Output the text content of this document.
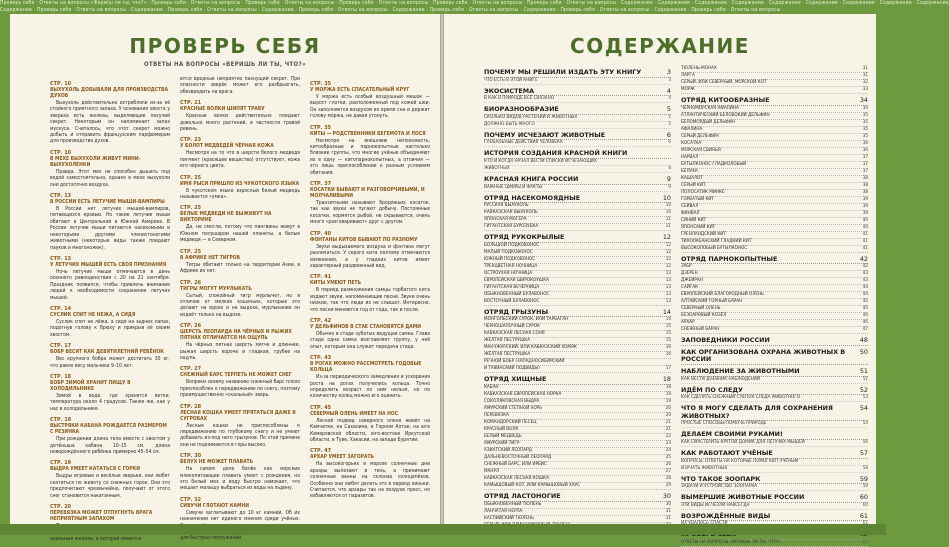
Проверь себя · Ответы на вопросы «Ферміш ли ты, что?» · Проверь себя · Ответы на вопросы · Проверь себя · Ответы на вопросы · Проверь себя · Ответы на вопросы · Проверь себя · Ответы на вопросы · Проверь себя · Ответы на вопросы · Содержание · Содержание · Содержание · Содержание · Содержание · Содержание · Содержание · Содержание · Содержание
Содержание · Проверь себя · Ответы на вопросы · Содержание · Проверь себя · Ответы на вопросы · Содержание · Проверь себя · Ответы на вопросы · Содержание · Проверь себя · Ответы на вопросы · Содержание · Проверь себя · Ответы на вопросы · Содержание · Проверь себя · Ответы на вопросы
ПРОВЕРЬ СЕБЯ
ОТВЕТЫ НА ВОПРОСЫ «ВЕРИШЬ ЛИ ТЫ, ЧТО?»
СТР. 10
ВЫХУХОЛЬ ДОБЫВАЛИ ДЛЯ ПРОИЗВОДСТВА ДУХОВ

Выхухоль действительно истребляли из-за её стойкого приятного запаха. У основания хвоста у зверька есть железы, выделяющие пахучий секрет. Некоторым он напоминает запах мускуса. Считалось, что этот секрет можно добыть и отправить французским парфюмерам для производства духов.

СТР. 10
В МЕХЕ ВЫХУХОЛИ ЖИВУТ МИНИ-ВЫХУХОЛЕНКИ

Правда. Этот мех не способен дышать под водой самостоятельно, однако в мехе выхухоли они достаточно воздуха.

СТР. 13
В РОССИИ ЕСТЬ ЛЕТУЧИЕ МЫШИ-ВАМПИРЫ

В России нет летучих мышей-вампиров, питающихся кровью. Но такие летучие мыши обитают в Центральной и Южной Америке. В России летучие мыши питаются насекомыми и некоторыми другими членистоногими животными (некоторые виды также поедают пауков и многоножек).

СТР. 13
У ЛЕТУЧИХ МЫШЕЙ ЕСТЬ СВОЯ ПРИЗНАНИЯ

Ночь летучие мыши отмечаются в день осеннего равноденствия с 20 на 21 сентября. Праздник появился, чтобы привлечь внимание людей к необходимости сохранения летучих мышей.

СТР. 14
СУСЛИК СПИТ НЕ НЕЖА, А СИДЯ

Суслик спит не лёжа, а сидя на задних лапах, подогнув голову к брюху и прикрыв её своим хвостом.

СТР. 17
БОБР ВЕСИТ КАК ДЕВЯТИЛЕТНИЙ РЕБЁНОК

Вес крупного бобра может достигать 30 кг, что равно весу мальчика 9–10 лет.

СТР. 18
БОБР ЗИМОЙ ХРАНИТ ПИЩУ В ХОЛОДИЛЬНИКЕ

Зимой в воде, где хранятся ветки, температура около 4 градусов. Также же, как у нас в холодильнике.

СТР. 18
ВЫСТРЯКИ КАБАНА РОЖДАЕТСЯ РАЗМЕРОМ С РЕЗИНКА

При рождении длина тела вместе с хвостом у детёныша кабана 10–15 см, длина новорождённого ребёнка примерно 45–54 см.

СТР. 19
ВЫДРА УМЕЕТ КАТАТЬСЯ С ГОРКИ

Выдры игривые и весёлые зверьки, они любят скатиться по животу со снежных горок. Они это предпочитают чрезвычайно, получают от этого снег становится накатанным.

СТР. 20
ПЕРЕВЯЗКА МОЖЕТ ОТПУГНУТЬ ВРАГА НЕПРИЯТНЫМ ЗАПАХОМ

анальные железы, в которой имеются

ются вредные неприятно пахнущий секрет. При опасности зверёк может его разбрызгать, обезвредить на врага.

СТР. 21
КРАСНЫЕ ВОЛКИ ШИПЯТ ТРАВУ

Красные волки действительно поедают довольно много растений, в частности травой ревень.

СТР. 23
У БОЛОТ МЕДВЕДЕЙ ЧЁРНАЯ КОЖА

Несмотря на то что в шерсти белого медведя пигмент (красящее вещество) отсутствует, кожа его чёрного цвета.

СТР. 25
ИМЯ РЫСИ ПРИШЛО ИЗ ЧУКОТСКОГО ЯЗЫКА

В чукотском языке взрослый белый медведь называется «умка».

СТР. 25
БЕЛЫЕ МЕДВЕДИ НЕ ВЫЖИВУТ НА ВИКТОРИНЕ

Да, не смогли, потому что пингвины живут в Южном полушарии нашей планеты, а белые медведи — в Северном.

СТР. 25
В АФРИКЕ НЕТ ТИГРОВ

Тигры обитают только на территории Азии, в Африке их нет.

СТР. 26
ТИГРЫ МОГУТ МУРЛЫКАТЬ

Сытый, спокойный тигр мурлычет, но в отличие от мелких кошачьих, которые это делают на вдохе и на выдохе, мурлыкание он издаёт только на выдохе.

СТР. 26
ШЕРСТЬ ЛЕОПАРДА НА ЧЁРНЫХ И РЫЖИХ ПЯТНАХ ОТЛИЧАЕТСЯ НА ОЩУПЬ

На чёрных пятнах шерсть мягче и длиннее, рыжая шерсть короче и гладкая, грубее на ощупь.

СТР. 27
СНЕЖНЫЙ БАРС ТЕРПЕТЬ НЕ МОЖЕТ СНЕГ

Вопреки своему названию снежный барс плохо приспособлен к передвижению по снегу, поэтому преимущественно «скальный» зверь.

СТР. 28
ЛЕСНАЯ КОШКА УМЕЕТ ПРЯТАТЬСЯ ДАЖЕ В СУГРОБАХ

Лесные кошки не приспособлены к передвижению по глубокому снегу и не умеют добывать из-под него грызунов. По этой причине они не поднимаются в горы высоко.

СТР. 30
БЕЛУХ НЕ МОЖЕТ ПЛАВАТЬ

На самом деле белёк как морские млекопитающие плавать умеет с рождения, но это белый мех и воду быстро намокает, что мешает малышу выбраться из воды на льдину.

СТР. 32
СИВУЧИ ГЛОТАЮТ КАМНИ

Сивучи заглатывают до 10 кг камней. Об их назначении нет единого мнения среди учёных. для быстрых погружений.

СТР. 35
У МОРЖА ЕСТЬ СПАСАТЕЛЬНЫЙ КРУГ

У моржа есть особый воздушный мешок — вырост глотки, расположенный под кожей шеи. Он заполняется воздухом во время сна и держит голову моржа, не давая утонуть.

СТР. 35
КИТЫ — РОДСТВЕННИКИ БЕГЕМОТА И ЛОСЯ

Несмотря на внешнюю непохожесть, китообразные и парнокопытные настолько близкие группы, что многие учёные объединяют их в одну — китопарнокопытных, а отличия — это лишь приспособление к разным условиям обитания.

СТР. 37
КОСАТКИ БЫВАЮТ И РАЗГОВОРЧИВЫМИ, И МОЛЧАЛИВЫМИ

Транзитными называют бродяжьих косаток, так как звуки не пугают добычу. Постоянные косатки, кормятся рыбой, не скрываются, очень много «разговаривают» друг с другом.

СТР. 40
ФОНТАНЫ КИТОВ БЫВАЮТ ПО РАЗНОМУ

Звуки выдыхаемого воздуха и фонтана могут различаться. У серого кита поэтому отмечаются изменения, а у гладких китов имеет характерный раздвоенный вид.

СТР. 41
КИТЫ УМЕЮТ ПЕТЬ

В период размножения самцы горбатого кита издают звуки, напоминающие песни. Звуки очень низкие, так что люди их не слышат. Интересно, что песни меняются год от года, так и после.

СТР. 42
У ДЕЛЬФИНОВ В СТАЕ СТАНОВЯТСЯ ДАМИ

Обычно в стаде зубатых ведущая самка. Глава стада одна самка возглавляет группу, у неё опыт, которым она служит передача стада.

СТР. 43
В РОГАХ МОЖНО РАССМОТРЕТЬ ГОДОВЫЕ КОЛЬЦА

Из-за периодического замедления и ускорения роста на рогах получились кольца. Точно определить возраст по ним нельзя, но по количеству колец можно его оценить.

СТР. 45
СЕВЕРНЫЙ ОЛЕНЬ ИМЕЕТ НА НОС

Лесной подвид северного оленя живёт на Камчатке, на Сахалине, в Горном Алтае, на юге Кемеровской области, юго-востоке Иркутской области, в Туве, Хакасии, на западе Бурятии.

СТР. 47
АРХАР УМЕЕТ ЗАГОРАТЬ

На высокогорьях в морозе солнечные дни архары вылезают в тень, а принимают солнечные ванны на склонах солнцепёков. Особенно они любят делать это в период линьки. Считается, что архары так на воздухе пресс, но избавляются от паразитов.

СОДЕРЖАНИЕ
ПОЧЕМУ МЫ РЕШИЛИ ИЗДАТЬ ЭТУ КНИГУ	3
ЧТО ЕСТЬ В ЭТОЙ КНИГЕ	3
ЭКОСИСТЕМА	4
В КАК В ПРИРОДЕ ВСЁ СВЯЗАНО	4
БИОРАЗНООБРАЗИЕ	5
СКОЛЬКО ВИДОВ РАСТЕНИЙ И ЖИВОТНЫХ	5
ДОЛЖНО БЫТЬ МНОГО	5
ПОЧЕМУ ИСЧЕЗАЮТ ЖИВОТНЫЕ	6
ГЛОБАЛЬНЫЕ ДЕЙСТВИЯ ЧЕЛОВЕКА	6
ИСТОРИЯ СОЗДАНИЯ КРАСНОЙ КНИГИ
КТО И КОГДА НАЧАЛ ВЕСТИ СПИСКИ ИСЧЕЗАЮЩИХ
ЖИВОТНЫХ	8
КРАСНАЯ КНИГА РОССИИ	9
ВАЖНЫЕ ЦИФРЫ И ФАКТЫ	9
ОТРЯД НАСЕКОМОЯДНЫЕ	10
РУССКАЯ ВЫХУХОЛЬ	10
КАВКАЗСКАЯ ВЫХУХОЛЬ	10
ЯПОНСКАЯ МОГЕРА	11
ГИГАНТСКАЯ БУРОЗУБКА	11
ОТРЯД РУКОКРЫЛЫЕ	12
БОЛЬШОЙ ПОДКОВОНОС	12
МАЛЫЙ ПОДКОВОНОС	12
ЮЖНЫЙ ПОДКОВОНОС	12
ТРЕХЦВЕТНАЯ НОЧНИЦА	12
ОСТРОУХАЯ НОЧНИЦА	13
ЕВРОПЕЙСКАЯ ШИРОКОУШКА	13
ГИГАНТСКАЯ ВЕЧЕРНИЦА	13
ОБЫКНОВЕННЫЙ БУЛАВОНОС	13
ВОСТОЧНЫЙ БУЛАВОНОС	13
ОТРЯД ГРЫЗУНЫ	14
МОНГОЛЬСКИЙ СУРОК, ИЛИ ТАРБАГАН	14
ЧЕРНОШАПОЧНЫЙ СУРОК	15
КАВКАЗСКАЯ ЛЕСНАЯ СОНЯ	15
ЖЕЛТАЯ ПЕСТРУШКА	15
МАНЧЖУРСКИЙ, ИЛИ КАВКАЗСКИЙ ХОМЯК	16
ЖЁЛТАЯ ПЕСТРУШКА	16
РЕЧНОЙ БОБР (ЗАПАДНОСИБИРСКИЙ
И ТУВИНСКИЙ ПОДВИДЫ)	17
ОТРЯД ХИЩНЫЕ	18
КАБАН	18
КАВКАЗСКАЯ ЕВРОПЕЙСКАЯ НОРКА	19
СОКОЛЯКОВСКАЯ ВЫДРА	19
АМУРСКИЙ СТЕПНОЙ ХОРЬ	20
ПЕРЕВЯЗКА	20
КОМАНДОРСКИЙ ПЕСЕЦ	21
КРАСНЫЙ ВОЛК	21
БЕЛЫЙ МЕДВЕДЬ	22
АМУРСКИЙ ТИГР	23
АЗИАТСКИЙ ЛЕОПАРД	24
ДАЛЬНЕВОСТОЧНЫЙ ЛЕОПАРД	25
СНЕЖНЫЙ БАРС, ИЛИ ИРБИС	26
МАНУЛ	27
КАВКАЗСКАЯ ЛЕСНАЯ КОШКА	28
КАМЫШОВЫЙ КОТ, ИЛИ КАМЫШОВЫЙ ХАУС	29
ОТРЯД ЛАСТОНОГИЕ	30
ОБЫКНОВЕННЫЙ ТЮЛЕНЬ	30
ЛАНЧАТАЯ НЕРПА	31
КАСПИЙСКИЙ ТЮЛЕНЬ	31
ТЮЛЕНЬ-МОНАХ	31
ЛАРГА	31
СЕРЫЙ, ИЛИ СЕВЕРНЫЙ, МОРСКОЙ КОТ	32
МОРЖ	33
ОТРЯД КИТООБРАЗНЫЕ	34
ЧЕРНОМОРСКАЯ АФАЛИНА	34
АТЛАНТИЧЕСКИЙ БЕЛОБОКИЙ ДЕЛЬФИН	35
БЕЛОМОРДЫЙ ДЕЛЬФИН	35
АФАЛИНА	35
СЕРЫЙ ДЕЛЬФИН	35
КОСАТКА	36
МОРСКАЯ СВИНЬЯ	36
НАРВАЛ	37
БУТЫЛКОНОС ГЛАДКОЛОБЫЙ	37
БЕЛУХА	37
КАШАЛОТ	38
СЕРЫЙ КИТ	38
ПОЛОСАТИК МИНКЕ	38
ГОРБАТЫЙ КИТ	39
СЕЙВАЛ	39
ФИНВАЛ	39
СИНИЙ КИТ	40
ЯПОНСКИЙ КИТ	40
ГРЕНЛАНДСКИЙ КИТ	41
ТИХООКЕАНСКИЙ ГЛАДКИЙ КИТ	41
ВЫСОКОЛОБЫЙ БУТЫЛКОНОС	41
ОТРЯД ПАРНОКОПЫТНЫЕ	42
ЗУБР	42
ДЗЕРЕН	43
ДЖЕЙРАН	43
САЙГАК	44
ЕВРОПЕЙСКИЙ БЛАГОРОДНЫЙ ОЛЕНЬ	44
АЛТАЙСКИЙ ГОРНЫЙ БАРАН	45
СЕВЕРНЫЙ ОЛЕНЬ	45
БЕЗОАРОВЫЙ КОЗЁЛ	46
АРХАР	46
СНЕЖНЫЙ БАРАН	47
ЗАПОВЕДНИКИ РОССИИ	48
КАК ОРГАНИЗОВАНА ОХРАНА ЖИВОТНЫХ В РОССИИ
50
НАБЛЮДЕНИЕ ЗА ЖИВОТНЫМИ	51
КАК ВЕСТИ ДНЕВНИК НАБЛЮДЕНИЙ	51
ИДЁМ ПО СЛЕДУ	52
КАК СДЕЛАТЬ СНЕЖНЫЙ СЛЕПОК СЛЕДА ЖИВОТНОГО	53
ЧТО Я МОГУ СДЕЛАТЬ ДЛЯ СОХРАНЕНИЯ ЖИВОТНЫХ?
54
ПРОСТЫЕ СПОСОБЫ ПОМОЧЬ ПРИРОДЕ	54
ДЕЛАЕМ СВОИМИ РУКАМИ!
КАК СМАСТЕРИТЬ КРУТОЙ ДОМИК ДЛЯ ЛЕТУЧИХ МЫШЕЙ	56
КАК РАБОТАЮТ УЧЁНЫЕ	57
ВОПРОСЫ, ОТВЕТЫ НА КОТОРЫЕ ПОМОГАЮТ УЧЁНЫМ
ИЗУЧАТЬ ЖИВОТНЫХ	58
ЧТО ТАКОЕ ЗООПАРК	59
ЗАДАЧИ И УСТРОЙСТВО ЗООПАРКА	59
ВЫМЕРШИЕ ЖИВОТНЫЕ РОССИИ	60
ЭТИ ВИДЫ ИСЧЕЗЛИ НАВСЕГДА	60
ВОЗРОЖДЁННЫЕ ВИДЫ	61
ОТВЕТЫ НА ВОПРОСЫ «ВЕРИШЬ ЛИ ТЫ, ЧТО?»	62
